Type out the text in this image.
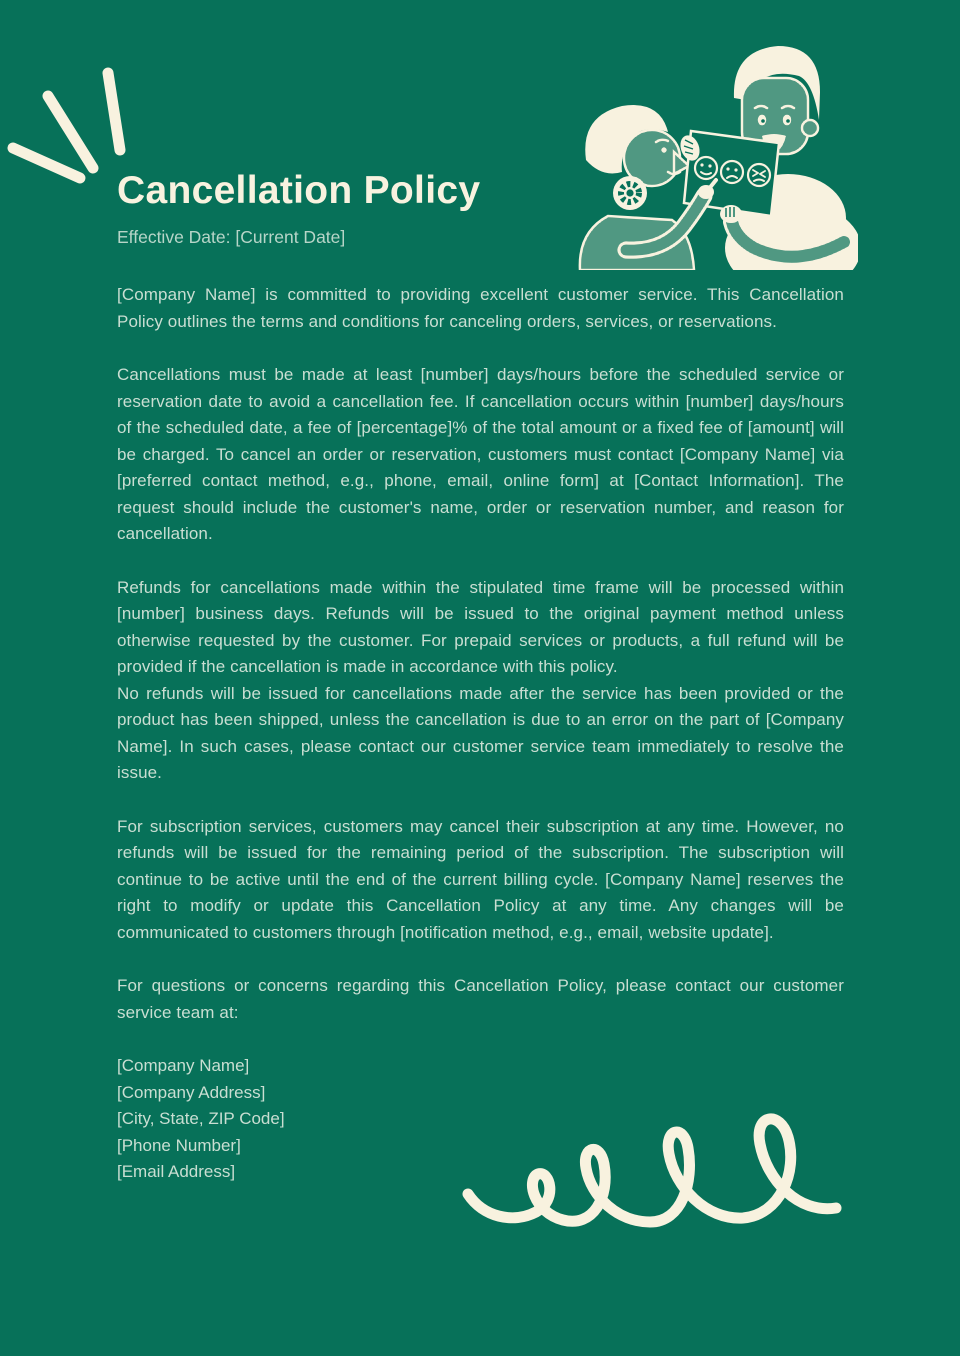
Cancellation Policy
Effective Date: [Current Date]

[Company Name] is committed to providing excellent customer service. This Cancellation Policy outlines the terms and conditions for canceling orders, services, or reservations.

Cancellations must be made at least [number] days/hours before the scheduled service or reservation date to avoid a cancellation fee. If cancellation occurs within [number] days/hours of the scheduled date, a fee of [percentage]% of the total amount or a fixed fee of [amount] will be charged. To cancel an order or reservation, customers must contact [Company Name] via [preferred contact method, e.g., phone, email, online form] at [Contact Information]. The request should include the customer's name, order or reservation number, and reason for cancellation.

Refunds for cancellations made within the stipulated time frame will be processed within [number] business days. Refunds will be issued to the original payment method unless otherwise requested by the customer. For prepaid services or products, a full refund will be provided if the cancellation is made in accordance with this policy.

No refunds will be issued for cancellations made after the service has been provided or the product has been shipped, unless the cancellation is due to an error on the part of [Company Name]. In such cases, please contact our customer service team immediately to resolve the issue.

For subscription services, customers may cancel their subscription at any time. However, no refunds will be issued for the remaining period of the subscription. The subscription will continue to be active until the end of the current billing cycle. [Company Name] reserves the right to modify or update this Cancellation Policy at any time. Any changes will be communicated to customers through [notification method, e.g., email, website update].

For questions or concerns regarding this Cancellation Policy, please contact our customer service team at:

[Company Name]
[Company Address]
[City, State, ZIP Code]
[Phone Number]
[Email Address]
